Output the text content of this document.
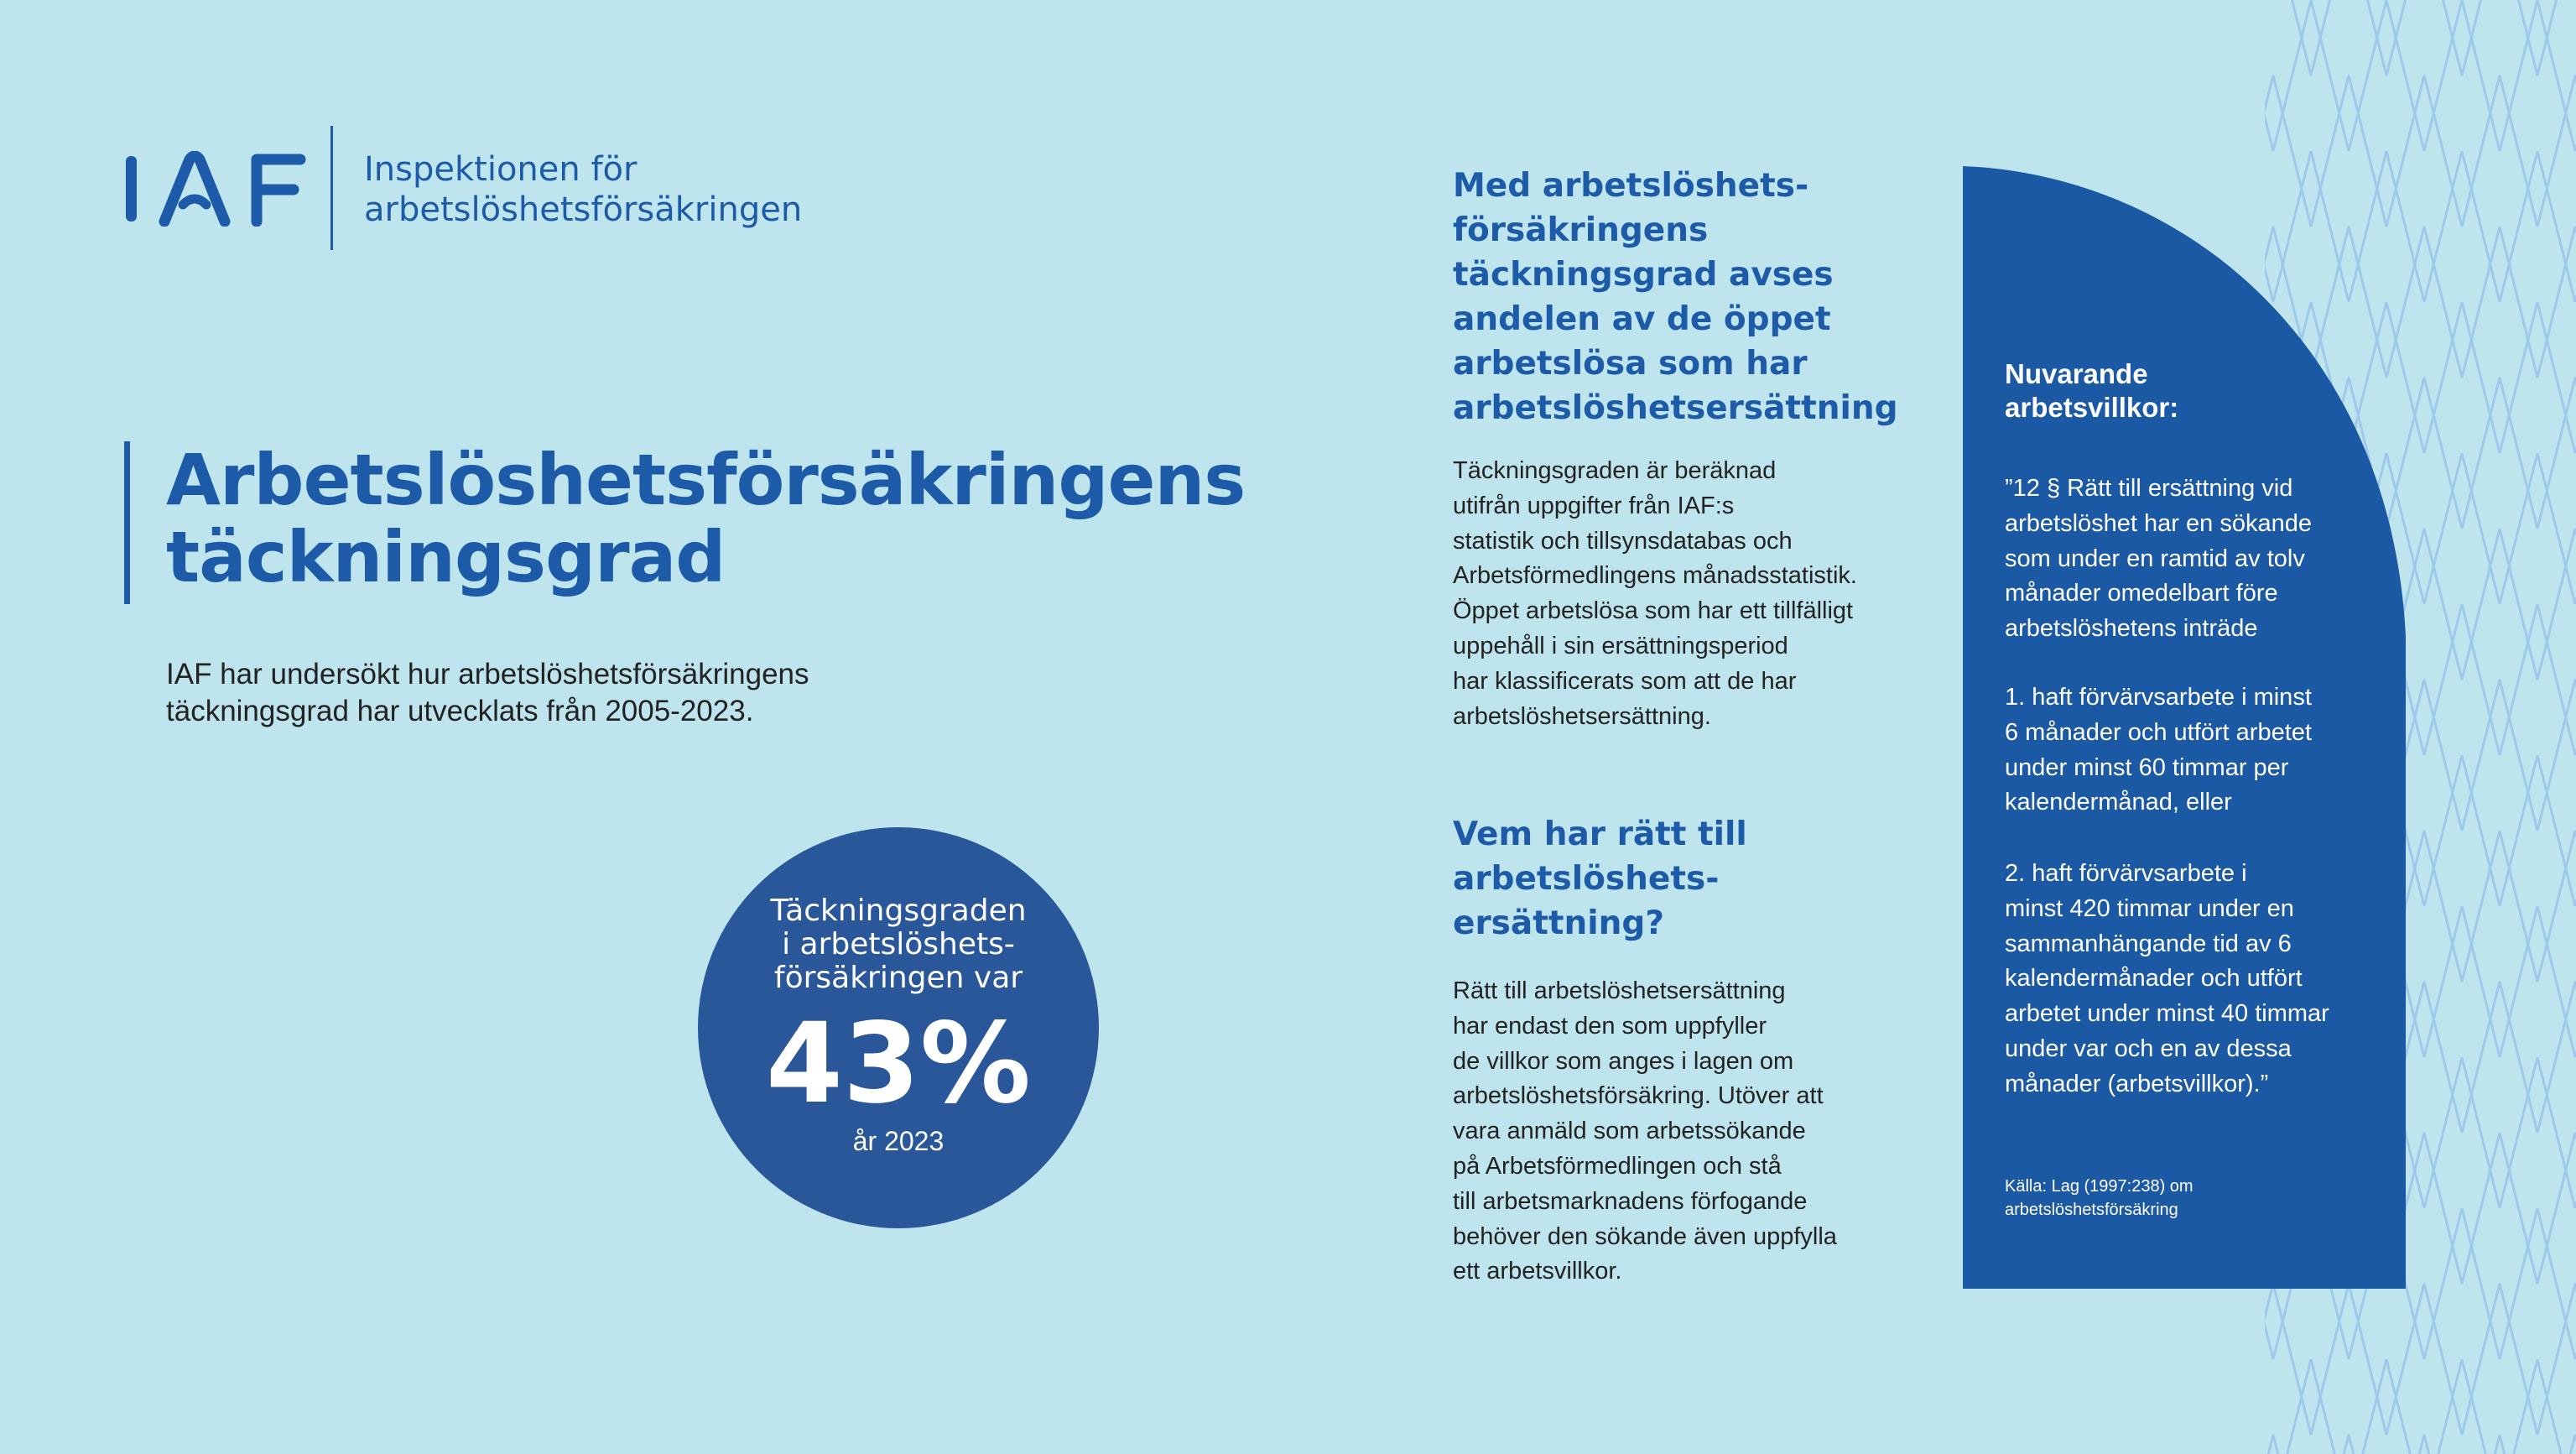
Inspektionen för
arbetslöshetsförsäkringen
Arbetslöshetsförsäkringens
täckningsgrad
IAF har undersökt hur arbetslöshetsförsäkringens
täckningsgrad har utvecklats från 2005-2023.
Täckningsgraden
i arbetslöshets-
försäkringen var
43%
år 2023
Med arbetslöshets-
försäkringens
täckningsgrad avses
andelen av de öppet
arbetslösa som har
arbetslöshetsersättning
Täckningsgraden är beräknad
utifrån uppgifter från IAF:s
statistik och tillsynsdatabas och
Arbetsförmedlingens månadsstatistik.
Öppet arbetslösa som har ett tillfälligt
uppehåll i sin ersättningsperiod
har klassificerats som att de har
arbetslöshetsersättning.
Vem har rätt till
arbetslöshets-
ersättning?
Rätt till arbetslöshetsersättning
har endast den som uppfyller
de villkor som anges i lagen om
arbetslöshetsförsäkring. Utöver att
vara anmäld som arbetssökande
på Arbetsförmedlingen och stå
till arbetsmarknadens förfogande
behöver den sökande även uppfylla
ett arbetsvillkor.
Nuvarande
arbetsvillkor:
”12 § Rätt till ersättning vid
arbetslöshet har en sökande
som under en ramtid av tolv
månader omedelbart före
arbetslöshetens inträde
1. haft förvärvsarbete i minst
6 månader och utfört arbetet
under minst 60 timmar per
kalendermånad, eller
2. haft förvärvsarbete i
minst 420 timmar under en
sammanhängande tid av 6
kalendermånader och utfört
arbetet under minst 40 timmar
under var och en av dessa
månader (arbetsvillkor).”
Källa: Lag (1997:238) om
arbetslöshetsförsäkring
